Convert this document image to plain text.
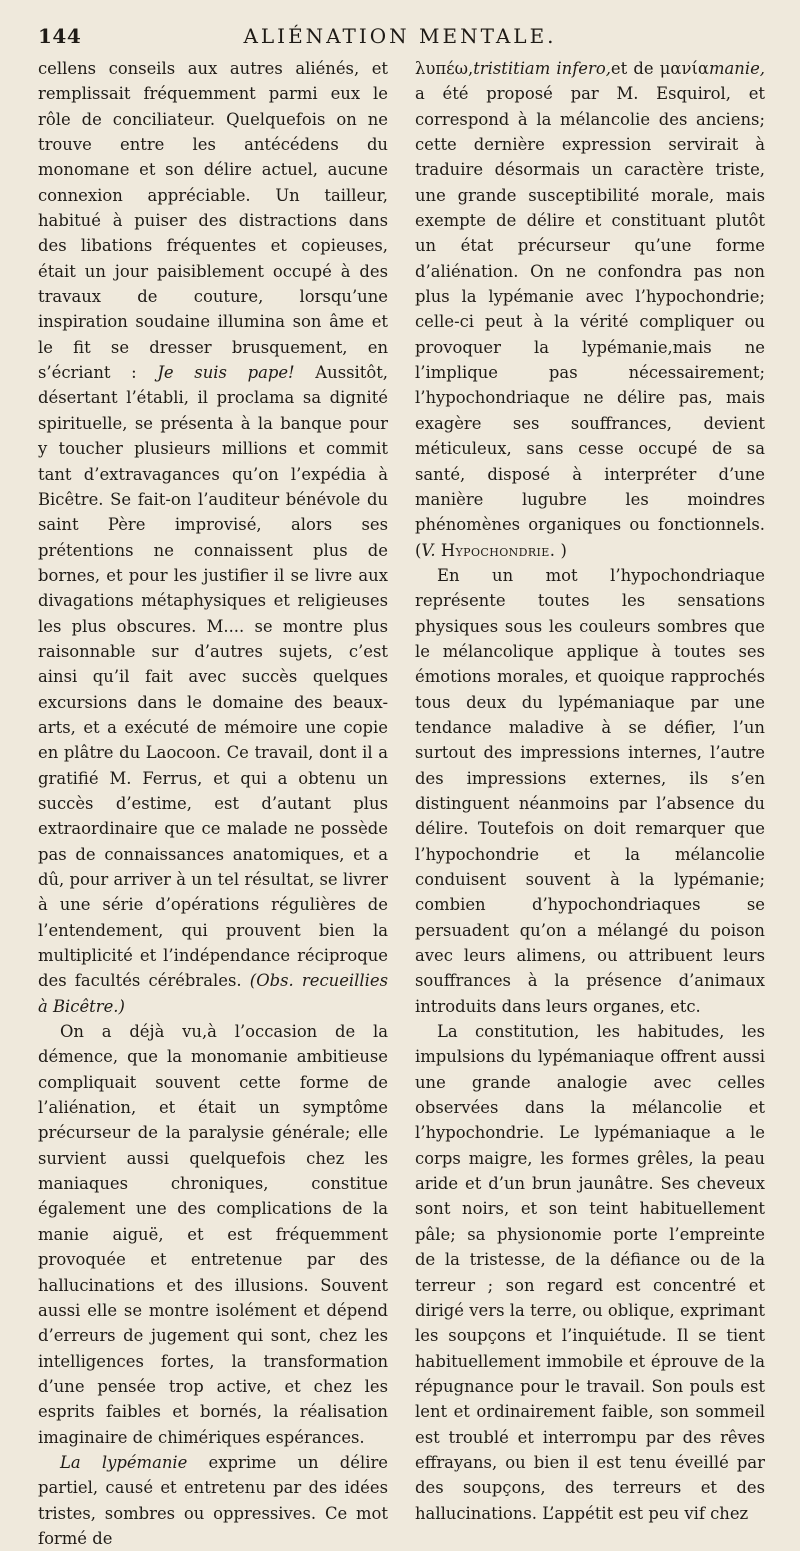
144	ALIÉNATION MENTALE.

cellens conseils aux autres aliénés, et remplissait fréquemment parmi eux le rôle de conciliateur. Quelquefois on ne trouve entre les antécédens du monomane et son délire actuel, aucune connexion appréciable. Un tailleur, habitué à puiser des distractions dans des libations fréquentes et copieuses, était un jour paisiblement occupé à des travaux de couture, lorsqu’une inspiration soudaine illumina son âme et le fit se dresser brusquement, en s’écriant : Je suis pape! Aussitôt, désertant l’établi, il proclama sa dignité spirituelle, se présenta à la banque pour y toucher plusieurs millions et commit tant d’extravagances qu’on l’expédia à Bicêtre. Se fait-on l’auditeur bénévole du saint Père improvisé, alors ses prétentions ne connaissent plus de bornes, et pour les justifier il se livre aux divagations métaphysiques et religieuses les plus obscures. M.... se montre plus raisonnable sur d’autres sujets, c’est ainsi qu’il fait avec succès quelques excursions dans le domaine des beaux-arts, et a exécuté de mémoire une copie en plâtre du Laocoon. Ce travail, dont il a gratifié M. Ferrus, et qui a obtenu un succès d’estime, est d’autant plus extraordinaire que ce malade ne possède pas de connaissances anatomiques, et a dû, pour arriver à un tel résultat, se livrer à une série d’opérations régulières de l’entendement, qui prouvent bien la multiplicité et l’indépendance réciproque des facultés cérébrales. (Obs. recueillies à Bicêtre.)

On a déjà vu,à l’occasion de la démence, que la monomanie ambitieuse compliquait souvent cette forme de l’aliénation, et était un symptôme précurseur de la paralysie générale; elle survient aussi quelquefois chez les maniaques chroniques, constitue également une des complications de la manie aiguë, et est fréquemment provoquée et entretenue par des hallucinations et des illusions. Souvent aussi elle se montre isolément et dépend d’erreurs de jugement qui sont, chez les intelligences fortes, la transformation d’une pensée trop active, et chez les esprits faibles et bornés, la réalisation imaginaire de chimériques espérances.

La lypémanie exprime un délire partiel, causé et entretenu par des idées tristes, sombres ou oppressives. Ce mot formé de

λυπέω,tristitiam infero,et de μανίαmanie, a été proposé par M. Esquirol, et correspond à la mélancolie des anciens; cette dernière expression servirait à traduire désormais un caractère triste, une grande susceptibilité morale, mais exempte de délire et constituant plutôt un état précurseur qu’une forme d’aliénation. On ne confondra pas non plus la lypémanie avec l’hypochondrie; celle-ci peut à la vérité compliquer ou provoquer la lypémanie,mais ne l’implique pas nécessairement; l’hypochondriaque ne délire pas, mais exagère ses souffrances, devient méticuleux, sans cesse occupé de sa santé, disposé à interpréter d’une manière lugubre les moindres phénomènes organiques ou fonctionnels. (V. Hypochondrie. )

En un mot l’hypochondriaque représente toutes les sensations physiques sous les couleurs sombres que le mélancolique applique à toutes ses émotions morales, et quoique rapprochés tous deux du lypémaniaque par une tendance maladive à se défier, l’un surtout des impressions internes, l’autre des impressions externes, ils s’en distinguent néanmoins par l’absence du délire. Toutefois on doit remarquer que l’hypochondrie et la mélancolie conduisent souvent à la lypémanie; combien d’hypochondriaques se persuadent qu’on a mélangé du poison avec leurs alimens, ou attribuent leurs souffrances à la présence d’animaux introduits dans leurs organes, etc.

La constitution, les habitudes, les impulsions du lypémaniaque offrent aussi une grande analogie avec celles observées dans la mélancolie et l’hypochondrie. Le lypémaniaque a le corps maigre, les formes grêles, la peau aride et d’un brun jaunâtre. Ses cheveux sont noirs, et son teint habituellement pâle; sa physionomie porte l’empreinte de la tristesse, de la défiance ou de la terreur ; son regard est concentré et dirigé vers la terre, ou oblique, exprimant les soupçons et l’inquiétude. Il se tient habituellement immobile et éprouve de la répugnance pour le travail. Son pouls est lent et ordinairement faible, son sommeil est troublé et interrompu par des rêves effrayans, ou bien il est tenu éveillé par des soupçons, des terreurs et des hallucinations. L’appétit est peu vif chez
